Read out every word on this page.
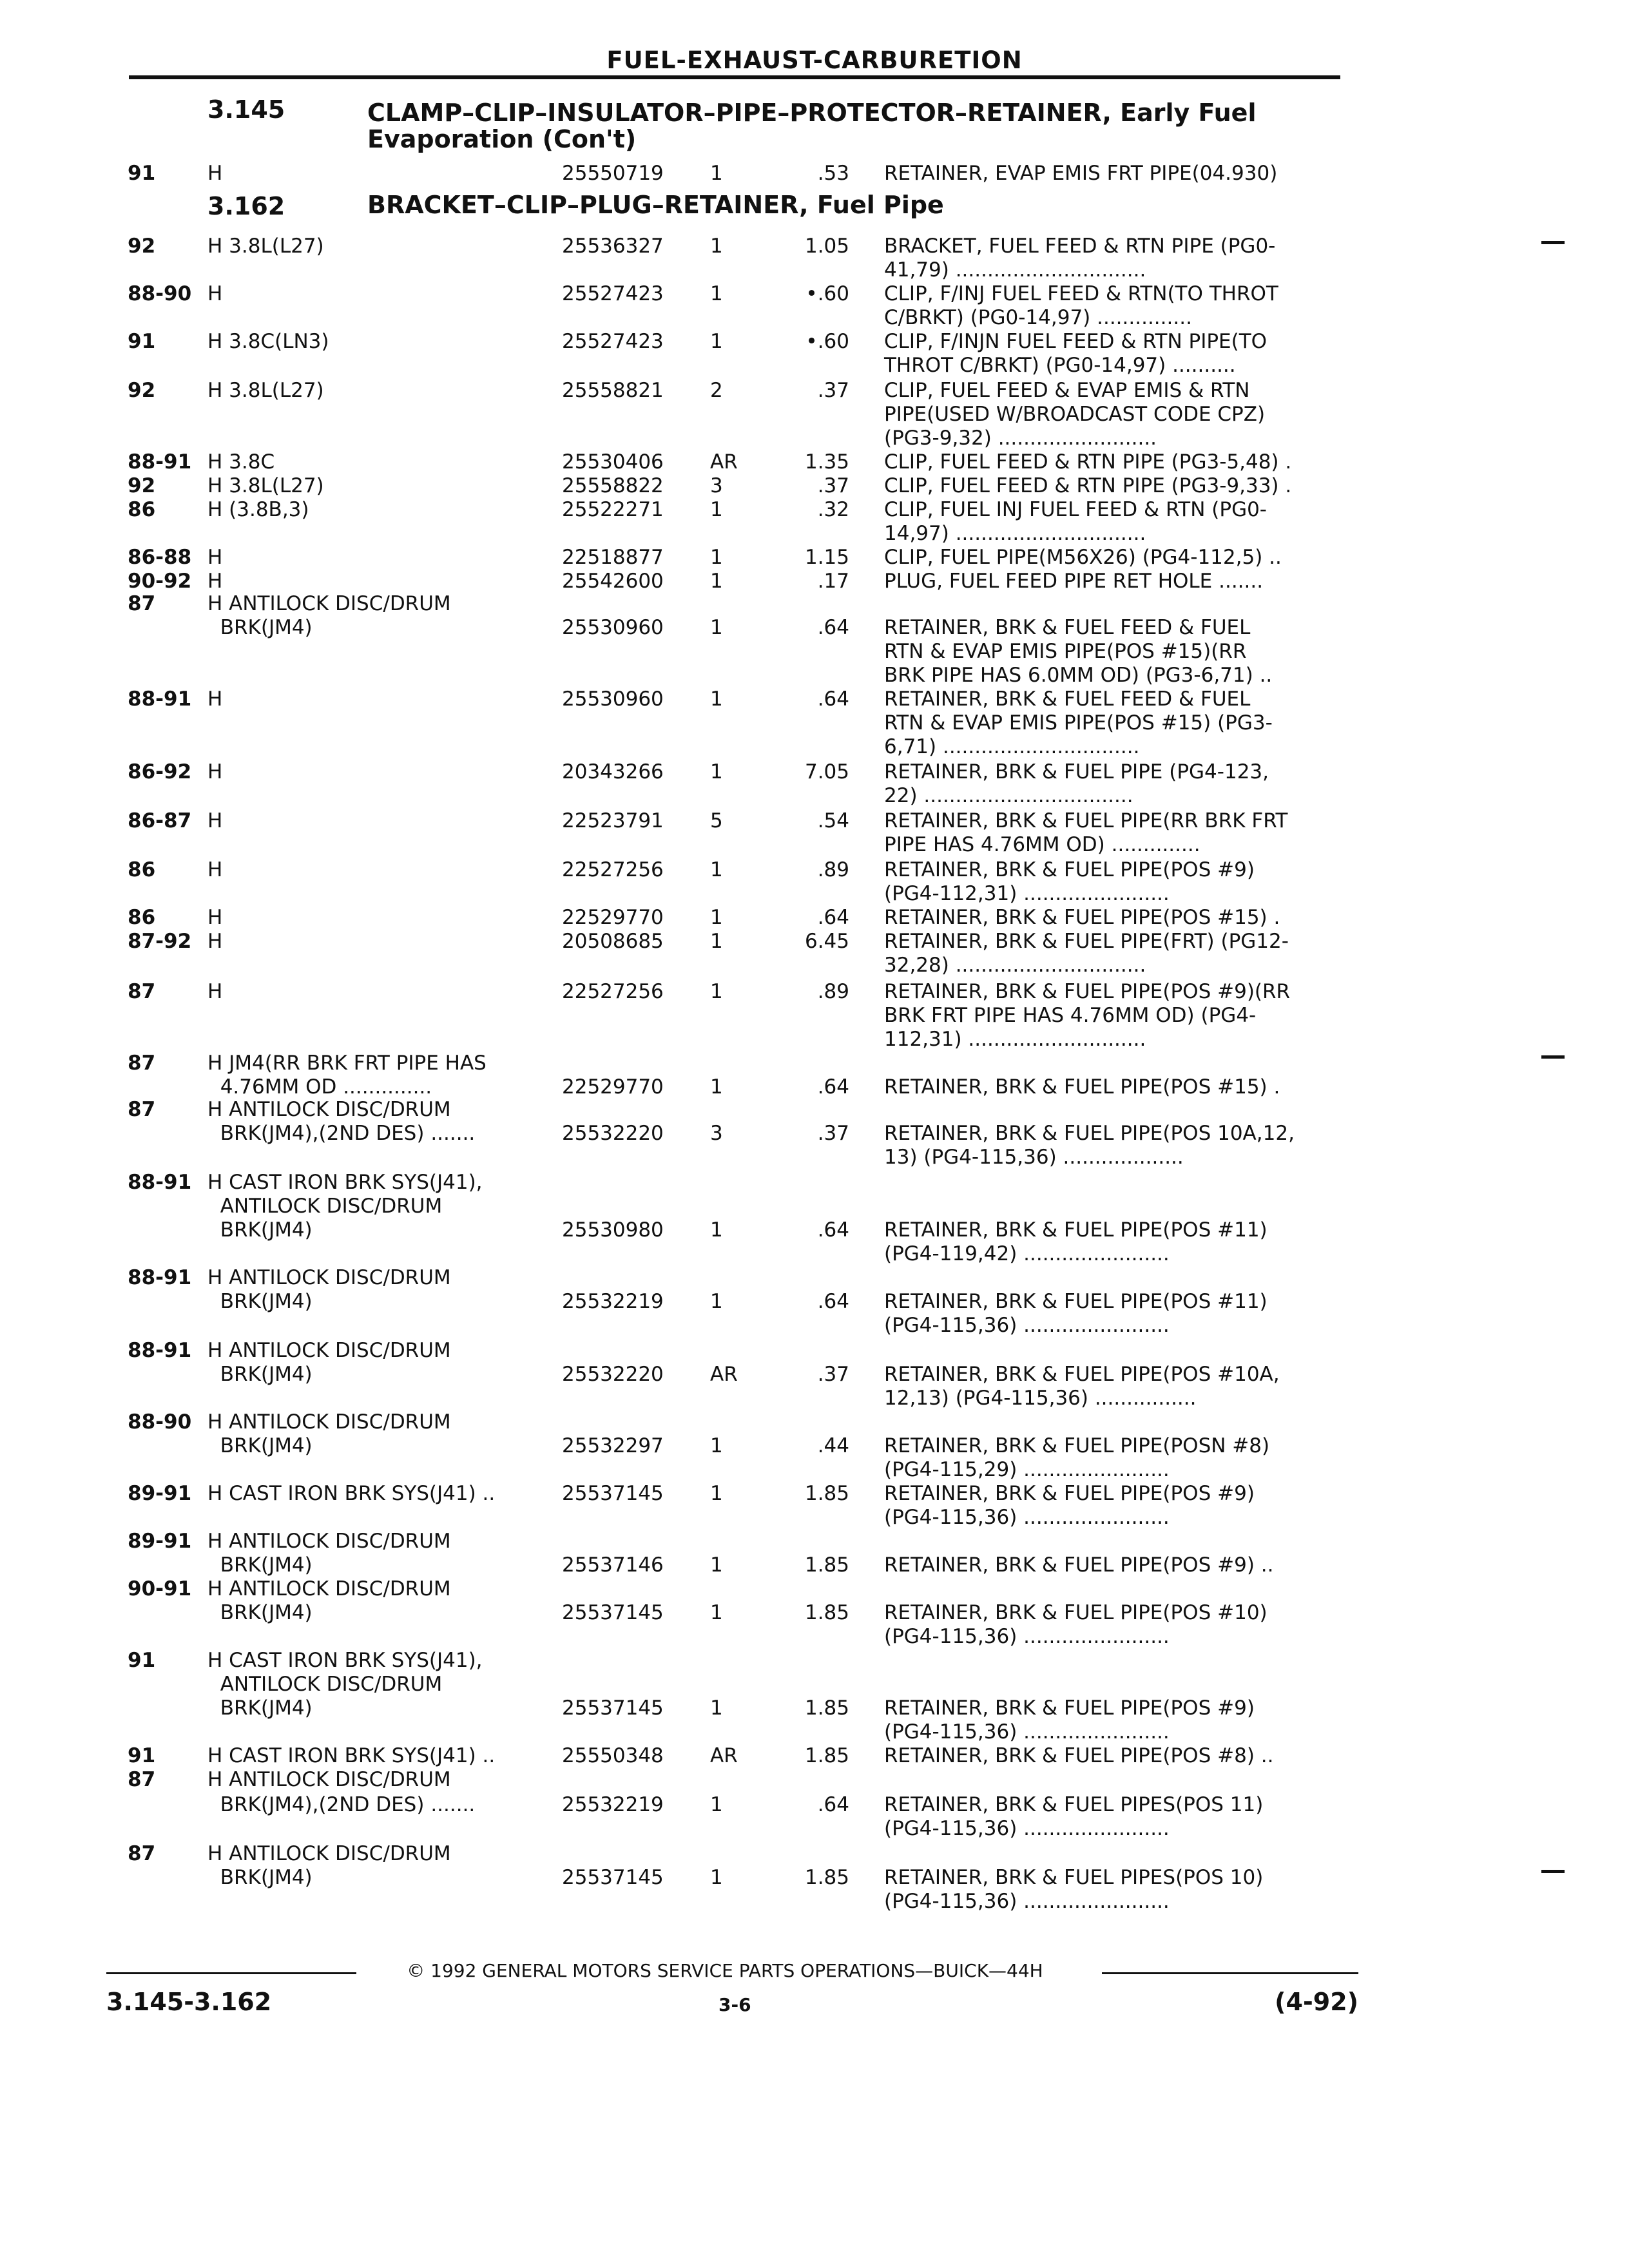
FUEL-EXHAUST-CARBURETION
3.145	CLAMP–CLIP–INSULATOR–PIPE–PROTECTOR–RETAINER, Early Fuel
Evaporation (Con't)
3.162	BRACKET–CLIP–PLUG–RETAINER, Fuel Pipe
91	H	25550719 1	.53 RETAINER, EVAP EMIS FRT PIPE(04.930)
92	H 3.8L(L27)	25536327 1	1.05 BRACKET, FUEL FEED & RTN PIPE (PG0-
41,79) ..............................
88-90 H	25527423 1	•.60 CLIP, F/INJ FUEL FEED & RTN(TO THROT
C/BRKT) (PG0-14,97) ...............
91	H 3.8C(LN3)	25527423 1	•.60 CLIP, F/INJN FUEL FEED & RTN PIPE(TO
THROT C/BRKT) (PG0-14,97) ..........
92	H 3.8L(L27)	25558821 2	.37 CLIP, FUEL FEED & EVAP EMIS & RTN
PIPE(USED W/BROADCAST CODE CPZ)
(PG3-9,32) .........................
88-91 H 3.8C	25530406 AR	1.35 CLIP, FUEL FEED & RTN PIPE (PG3-5,48) .
92	H 3.8L(L27)	25558822 3	.37 CLIP, FUEL FEED & RTN PIPE (PG3-9,33) .
86	H (3.8B,3)	25522271 1	.32 CLIP, FUEL INJ FUEL FEED & RTN (PG0-
14,97) ..............................
86-88 H	22518877 1	1.15 CLIP, FUEL PIPE(M56X26) (PG4-112,5) ..
90-92 H	25542600 1	.17 PLUG, FUEL FEED PIPE RET HOLE .......
87	H ANTILOCK DISC/DRUM
BRK(JM4)	25530960 1	.64 RETAINER, BRK & FUEL FEED & FUEL
RTN & EVAP EMIS PIPE(POS #15)(RR
BRK PIPE HAS 6.0MM OD) (PG3-6,71) ..
88-91 H	25530960 1	.64 RETAINER, BRK & FUEL FEED & FUEL
RTN & EVAP EMIS PIPE(POS #15) (PG3-
6,71) ...............................
86-92 H	20343266 1	7.05 RETAINER, BRK & FUEL PIPE (PG4-123,
22) .................................
86-87 H	22523791 5	.54 RETAINER, BRK & FUEL PIPE(RR BRK FRT
PIPE HAS 4.76MM OD) ..............
86	H	22527256 1	.89 RETAINER, BRK & FUEL PIPE(POS #9)
(PG4-112,31) .......................
86	H	22529770 1	.64 RETAINER, BRK & FUEL PIPE(POS #15) .
87-92 H	20508685 1	6.45 RETAINER, BRK & FUEL PIPE(FRT) (PG12-
32,28) ..............................
87	H	22527256 1	.89 RETAINER, BRK & FUEL PIPE(POS #9)(RR
BRK FRT PIPE HAS 4.76MM OD) (PG4-
112,31) ............................
87	H JM4(RR BRK FRT PIPE HAS
4.76MM OD ..............	22529770 1	.64 RETAINER, BRK & FUEL PIPE(POS #15) .
87	H ANTILOCK DISC/DRUM
BRK(JM4),(2ND DES) .......	25532220 3	.37 RETAINER, BRK & FUEL PIPE(POS 10A,12,
13) (PG4-115,36) ...................
88-91 H CAST IRON BRK SYS(J41),
ANTILOCK DISC/DRUM
BRK(JM4)	25530980 1	.64 RETAINER, BRK & FUEL PIPE(POS #11)
(PG4-119,42) .......................
88-91 H ANTILOCK DISC/DRUM
BRK(JM4)	25532219 1	.64 RETAINER, BRK & FUEL PIPE(POS #11)
(PG4-115,36) .......................
88-91 H ANTILOCK DISC/DRUM
BRK(JM4)	25532220 AR	.37 RETAINER, BRK & FUEL PIPE(POS #10A,
12,13) (PG4-115,36) ................
88-90 H ANTILOCK DISC/DRUM
BRK(JM4)	25532297 1	.44 RETAINER, BRK & FUEL PIPE(POSN #8)
(PG4-115,29) .......................
89-91 H CAST IRON BRK SYS(J41) ..	25537145 1	1.85 RETAINER, BRK & FUEL PIPE(POS #9)
(PG4-115,36) .......................
89-91 H ANTILOCK DISC/DRUM
BRK(JM4)	25537146 1	1.85 RETAINER, BRK & FUEL PIPE(POS #9) ..
90-91 H ANTILOCK DISC/DRUM
BRK(JM4)	25537145 1	1.85 RETAINER, BRK & FUEL PIPE(POS #10)
(PG4-115,36) .......................
91	H CAST IRON BRK SYS(J41),
ANTILOCK DISC/DRUM
BRK(JM4)	25537145 1	1.85 RETAINER, BRK & FUEL PIPE(POS #9)
(PG4-115,36) .......................
91	H CAST IRON BRK SYS(J41) ..	25550348 AR	1.85 RETAINER, BRK & FUEL PIPE(POS #8) ..
87	H ANTILOCK DISC/DRUM
BRK(JM4),(2ND DES) .......	25532219 1	.64 RETAINER, BRK & FUEL PIPES(POS 11)
(PG4-115,36) .......................
87	H ANTILOCK DISC/DRUM
BRK(JM4)	25537145 1	1.85 RETAINER, BRK & FUEL PIPES(POS 10)
(PG4-115,36) .......................
© 1992 GENERAL MOTORS SERVICE PARTS OPERATIONS—BUICK—44H
3.145-3.162	3-6	(4-92)
